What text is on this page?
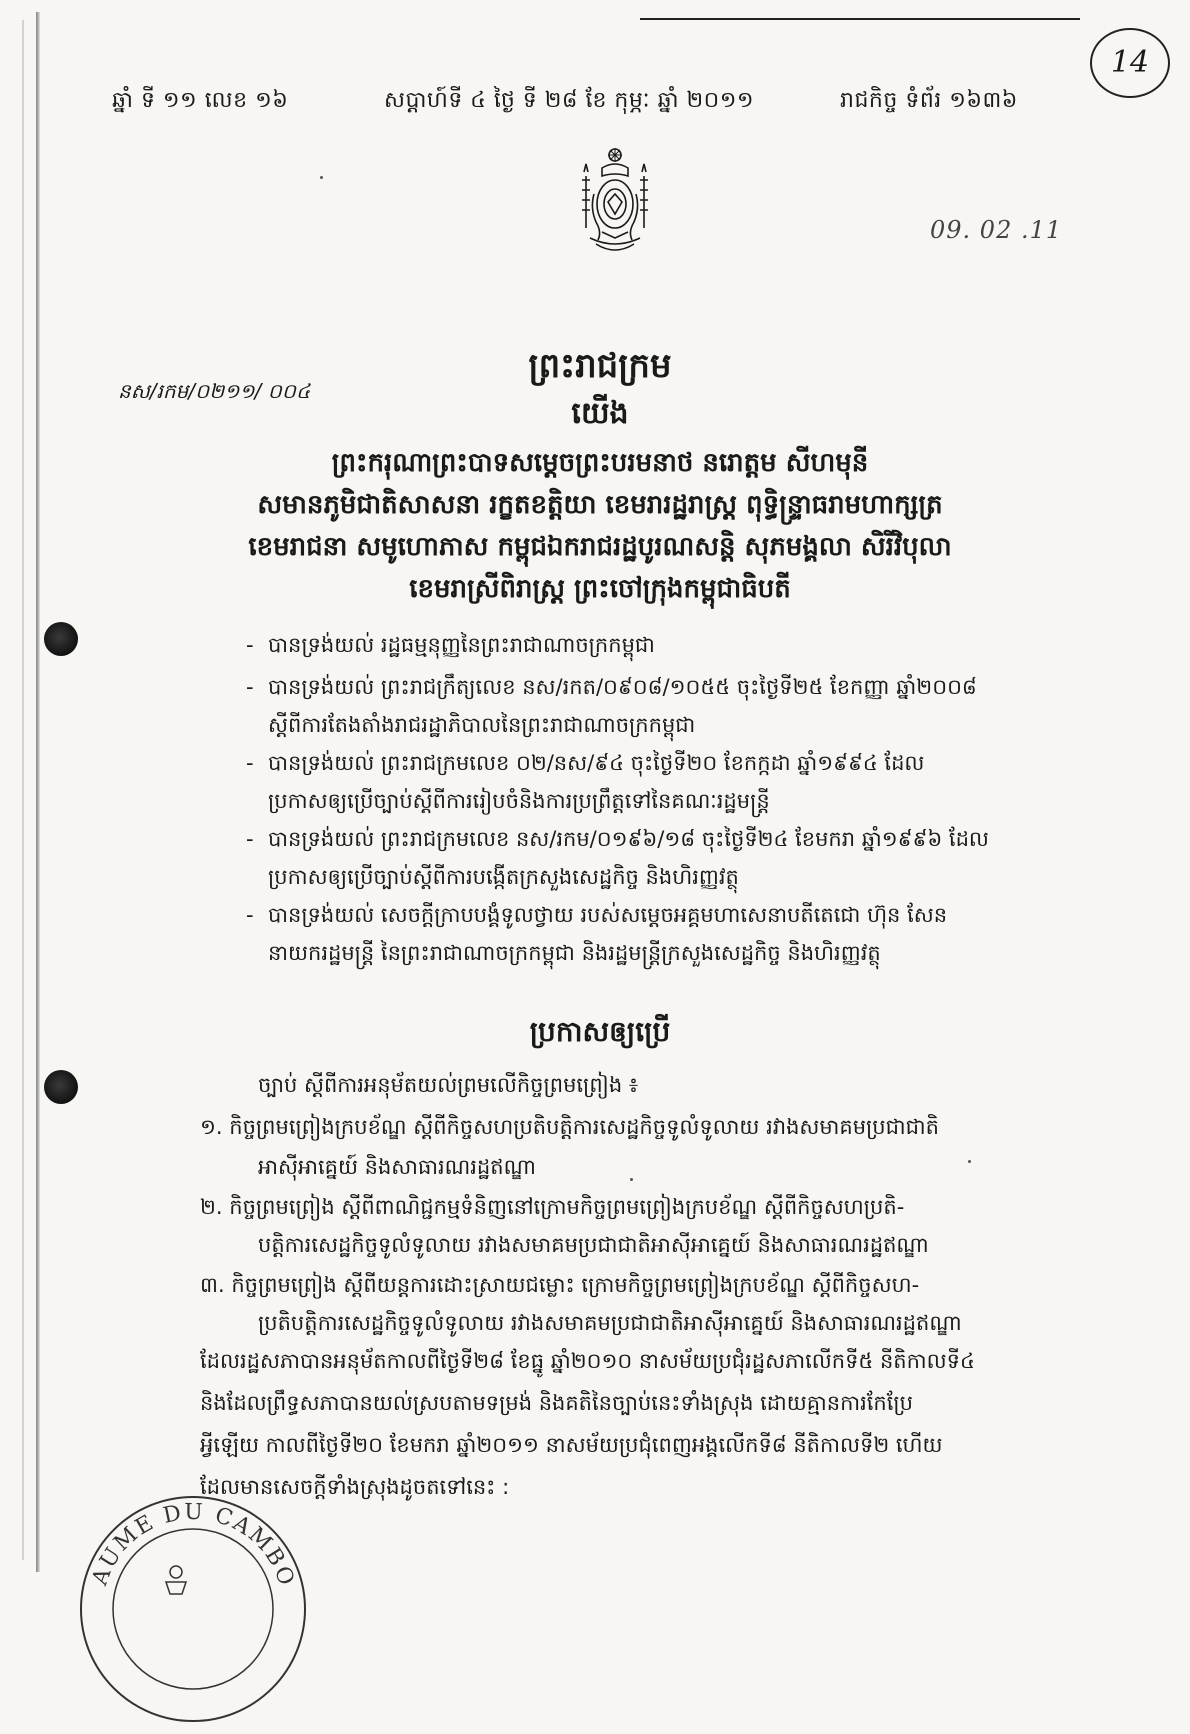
ឆ្នាំ ទី ១១ លេខ ១៦	សប្តាហ៍ទី ៤ ថ្ងៃ ទី ២៨ ខែ កុម្ភៈ ឆ្នាំ ២០១១	រាជកិច្ច ទំព័រ ១៦៣៦
14
09. 02 .11
នស/រកម/០២១១/ ០០៤
ព្រះរាជក្រម
យើង
ព្រះករុណាព្រះបាទសម្តេចព្រះបរមនាថ នរោត្តម សីហមុនី
សមានភូមិជាតិសាសនា រក្ខតខត្តិយា ខេមរារដ្ឋរាស្ត្រ ពុទ្ធិន្ទ្រាធរាមហាក្សត្រ
ខេមរាជនា សមូហោភាស កម្ពុជឯករាជរដ្ឋបូរណសន្តិ សុភមង្គលា សិរីវិបុលា
ខេមរាស្រីពិរាស្ត្រ ព្រះចៅក្រុងកម្ពុជាធិបតី
- បានទ្រង់យល់ រដ្ឋធម្មនុញ្ញនៃព្រះរាជាណាចក្រកម្ពុជា
- បានទ្រង់យល់ ព្រះរាជក្រឹត្យលេខ នស/រកត/០៩០៨/១០៥៥ ចុះថ្ងៃទី២៥ ខែកញ្ញា ឆ្នាំ២០០៨
ស្តីពីការតែងតាំងរាជរដ្ឋាភិបាលនៃព្រះរាជាណាចក្រកម្ពុជា
- បានទ្រង់យល់ ព្រះរាជក្រមលេខ ០២/នស/៩៤ ចុះថ្ងៃទី២០ ខែកក្កដា ឆ្នាំ១៩៩៤ ដែល
ប្រកាសឲ្យប្រើច្បាប់ស្តីពីការរៀបចំនិងការប្រព្រឹត្តទៅនៃគណៈរដ្ឋមន្ត្រី
- បានទ្រង់យល់ ព្រះរាជក្រមលេខ នស/រកម/០១៩៦/១៨ ចុះថ្ងៃទី២៤ ខែមករា ឆ្នាំ១៩៩៦ ដែល
ប្រកាសឲ្យប្រើច្បាប់ស្តីពីការបង្កើតក្រសួងសេដ្ឋកិច្ច និងហិរញ្ញវត្ថុ
- បានទ្រង់យល់ សេចក្តីក្រាបបង្គំទូលថ្វាយ របស់សម្តេចអគ្គមហាសេនាបតីតេជោ ហ៊ុន សែន
នាយករដ្ឋមន្ត្រី នៃព្រះរាជាណាចក្រកម្ពុជា និងរដ្ឋមន្ត្រីក្រសួងសេដ្ឋកិច្ច និងហិរញ្ញវត្ថុ
ប្រកាសឲ្យប្រើ
ច្បាប់ ស្តីពីការអនុម័តយល់ព្រមលើកិច្ចព្រមព្រៀង ៖
១. កិច្ចព្រមព្រៀងក្របខ័ណ្ឌ ស្តីពីកិច្ចសហប្រតិបត្តិការសេដ្ឋកិច្ចទូលំទូលាយ រវាងសមាគមប្រជាជាតិ
អាស៊ីអាគ្នេយ៍ និងសាធារណរដ្ឋឥណ្ឌា
២. កិច្ចព្រមព្រៀង ស្តីពីពាណិជ្ជកម្មទំនិញនៅក្រោមកិច្ចព្រមព្រៀងក្របខ័ណ្ឌ ស្តីពីកិច្ចសហប្រតិ-
បត្តិការសេដ្ឋកិច្ចទូលំទូលាយ រវាងសមាគមប្រជាជាតិអាស៊ីអាគ្នេយ៍ និងសាធារណរដ្ឋឥណ្ឌា
៣. កិច្ចព្រមព្រៀង ស្តីពីយន្តការដោះស្រាយជម្លោះ ក្រោមកិច្ចព្រមព្រៀងក្របខ័ណ្ឌ ស្តីពីកិច្ចសហ-
ប្រតិបត្តិការសេដ្ឋកិច្ចទូលំទូលាយ រវាងសមាគមប្រជាជាតិអាស៊ីអាគ្នេយ៍ និងសាធារណរដ្ឋឥណ្ឌា
ដែលរដ្ឋសភាបានអនុម័តកាលពីថ្ងៃទី២៨ ខែធ្នូ ឆ្នាំ២០១០ នាសម័យប្រជុំរដ្ឋសភាលើកទី៥ នីតិកាលទី៤
និងដែលព្រឹទ្ធសភាបានយល់ស្របតាមទម្រង់ និងគតិនៃច្បាប់នេះទាំងស្រុង ដោយគ្មានការកែប្រែ
អ្វីឡើយ កាលពីថ្ងៃទី២០ ខែមករា ឆ្នាំ២០១១ នាសម័យប្រជុំពេញអង្គលើកទី៨ នីតិកាលទី២ ហើយ
ដែលមានសេចក្តីទាំងស្រុងដូចតទៅនេះ :
AUME DU CAMBO
